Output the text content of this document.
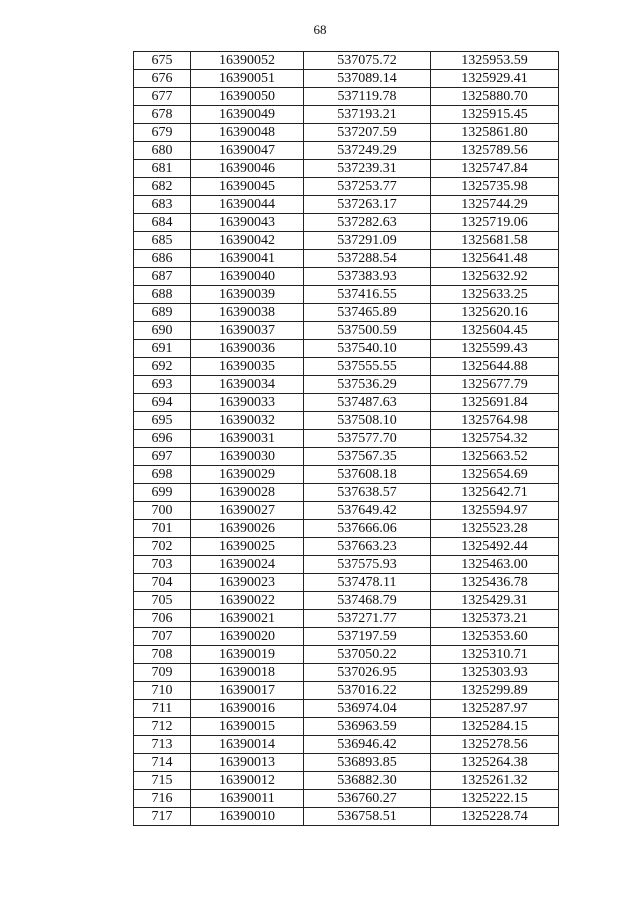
68
675	16390052	537075.72	1325953.59
676	16390051	537089.14	1325929.41
677	16390050	537119.78	1325880.70
678	16390049	537193.21	1325915.45
679	16390048	537207.59	1325861.80
680	16390047	537249.29	1325789.56
681	16390046	537239.31	1325747.84
682	16390045	537253.77	1325735.98
683	16390044	537263.17	1325744.29
684	16390043	537282.63	1325719.06
685	16390042	537291.09	1325681.58
686	16390041	537288.54	1325641.48
687	16390040	537383.93	1325632.92
688	16390039	537416.55	1325633.25
689	16390038	537465.89	1325620.16
690	16390037	537500.59	1325604.45
691	16390036	537540.10	1325599.43
692	16390035	537555.55	1325644.88
693	16390034	537536.29	1325677.79
694	16390033	537487.63	1325691.84
695	16390032	537508.10	1325764.98
696	16390031	537577.70	1325754.32
697	16390030	537567.35	1325663.52
698	16390029	537608.18	1325654.69
699	16390028	537638.57	1325642.71
700	16390027	537649.42	1325594.97
701	16390026	537666.06	1325523.28
702	16390025	537663.23	1325492.44
703	16390024	537575.93	1325463.00
704	16390023	537478.11	1325436.78
705	16390022	537468.79	1325429.31
706	16390021	537271.77	1325373.21
707	16390020	537197.59	1325353.60
708	16390019	537050.22	1325310.71
709	16390018	537026.95	1325303.93
710	16390017	537016.22	1325299.89
711	16390016	536974.04	1325287.97
712	16390015	536963.59	1325284.15
713	16390014	536946.42	1325278.56
714	16390013	536893.85	1325264.38
715	16390012	536882.30	1325261.32
716	16390011	536760.27	1325222.15
717	16390010	536758.51	1325228.74
